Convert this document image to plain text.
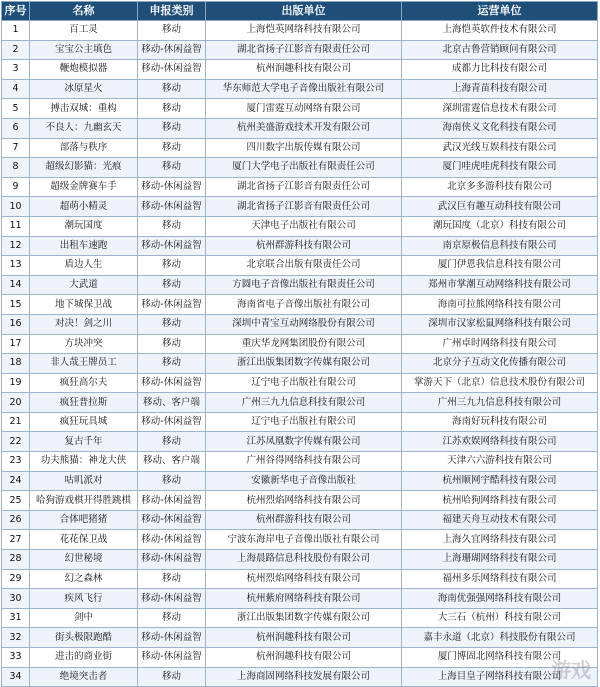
序号	名称	申报类别	出版单位	运营单位
1	百工灵	移动	上海恺英网络科技有限公司	上海恺英软件技术有限公司
2	宝宝公主填色	移动-休闲益智	湖北省扬子江影音有限责任公司	北京古鲁营销顾问有限公司
3	鞭炮模拟器	移动-休闲益智	杭州润趣科技有限公司	成都力比科技有限公司
4	冰原星火	移动	华东师范大学电子音像出版社有限公司	上海青苗科技有限公司
5	搏击双城：重构	移动	厦门雷霆互动网络有限公司	深圳雷霆信息技术有限公司
6	不良人：九幽玄天	移动	杭州美盛游戏技术开发有限公司	海南侠义文化科技有限公司
7	部落与秩序	移动	四川数字出版传媒有限公司	武汉光线互娱科技有限公司
8	超级幻影猫：光痕	移动	厦门大学电子出版社有限责任公司	厦门哇虎哇虎科技有限公司
9	超级金牌赛车手	移动-休闲益智	湖北省扬子江影音有限责任公司	北京多多游科技有限公司
10	超萌小精灵	移动-休闲益智	湖北省扬子江影音有限责任公司	武汉巨有趣互动科技有限公司
11	潮玩国度	移动	天津电子出版社有限公司	潮玩国度（北京）科技有限公司
12	出租车速跑	移动-休闲益智	杭州群游科技有限公司	南京原极信息科技有限公司
13	盾边人生	移动	北京联合出版有限责任公司	厦门伊恩我信息科技有限公司
14	大武道	移动	方圆电子音像出版社有限责任公司	郑州市掌潮互动网络科技有限公司
15	地下城保卫战	移动-休闲益智	海南省电子音像出版社有限公司	海南可拉熊网络科技有限公司
16	对决！剑之川	移动	深圳中青宝互动网络股份有限公司	深圳市汉家松鼠网络科技有限公司
17	方块冲突	移动	重庆华龙网集团股份有限公司	广州卓时网络科技有限公司
18	非人哉王牌员工	移动	浙江出版集团数字传媒有限公司	北京分子互动文化传播有限公司
19	疯狂高尔夫	移动-休闲益智	辽宁电子出版社有限公司	掌游天下（北京）信息技术股份有限公司
20	疯狂普拉斯	移动、客户端	广州三九九信息科技有限公司	广州三九九信息科技有限公司
21	疯狂玩具城	移动-休闲益智	辽宁电子出版社有限公司	海南好玩科技有限公司
22	复古千年	移动	江苏凤凰数字传媒有限公司	江苏欢娱网络科技有限公司
23	功夫熊猫：神龙大侠	移动、客户端	广州谷得网络科技有限公司	天津六六游科技有限公司
24	咕叽派对	移动	安徽新华电子音像出版社	杭州顺网宇酷科技有限公司
25	哈狗游戏棋开得胜跳棋	移动-休闲益智	杭州烈焰网络科技有限公司	杭州哈狗网络科技有限公司
26	合体吧猪猪	移动-休闲益智	杭州群游科技有限公司	福建天舟互动技术有限公司
27	花花保卫战	移动-休闲益智	宁波东海岸电子音像出版社有限公司	上海久宜网络科技有限公司
28	幻世秘境	移动-休闲益智	上海晨路信息科技股份有限公司	上海珊瑚网络科技有限公司
29	幻之森林	移动	杭州烈焰网络科技有限公司	福州多乐网络科技有限公司
30	疾风飞行	移动-休闲益智	杭州紫府网络科技有限公司	海南优强强网络科技有限公司
31	剑中	移动	浙江出版集团数字传媒有限公司	大三石（杭州）科技有限公司
32	街头极限跑酷	移动-休闲益智	杭州润趣科技有限公司	嘉丰永道（北京）科技股份有限公司
33	进击的商业街	移动-休闲益智	杭州润趣科技有限公司	厦门博固北网络科技有限公司
34	绝境突击者	移动	上海商固网络科技发展有限公司	上海目皇子网络科技有限公司
游戏
